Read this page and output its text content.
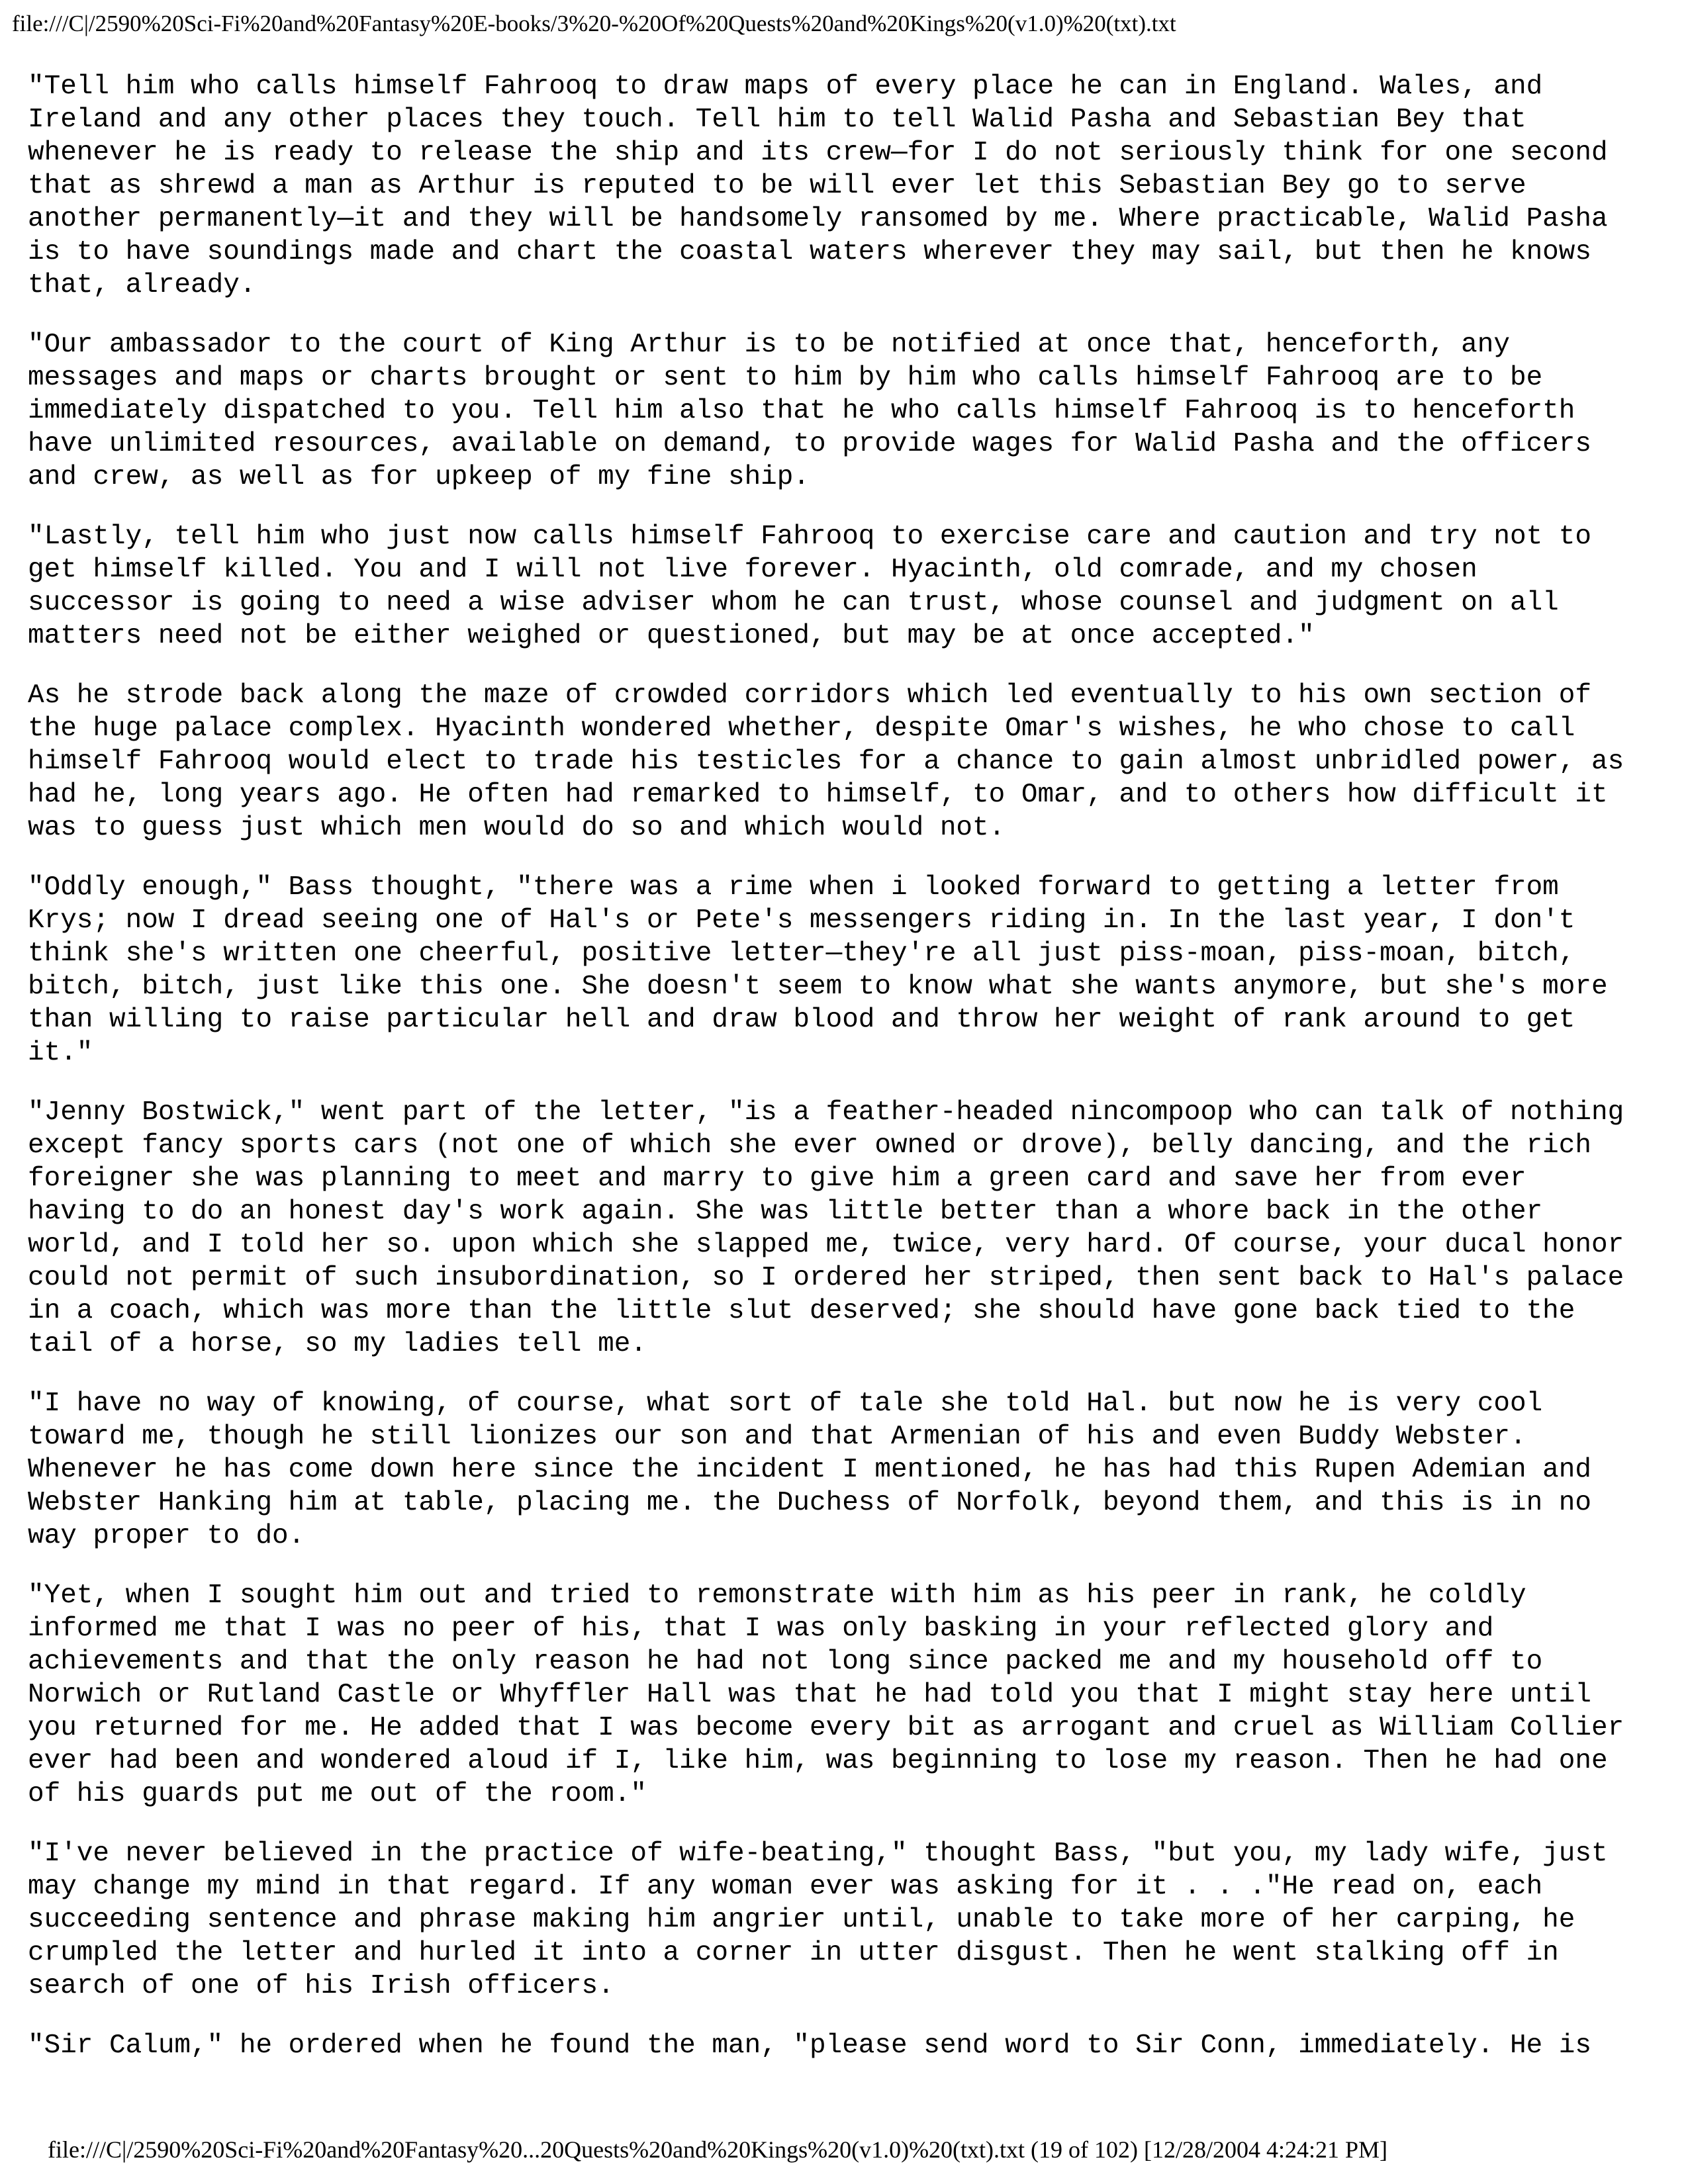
file:///C|/2590%20Sci-Fi%20and%20Fantasy%20E-books/3%20-%20Of%20Quests%20and%20Kings%20(v1.0)%20(txt).txt

"Tell him who calls himself Fahrooq to draw maps of every place he can in England. Wales, and
Ireland and any other places they touch. Tell him to tell Walid Pasha and Sebastian Bey that
whenever he is ready to release the ship and its crew—for I do not seriously think for one second
that as shrewd a man as Arthur is reputed to be will ever let this Sebastian Bey go to serve
another permanently—it and they will be handsomely ransomed by me. Where practicable, Walid Pasha
is to have soundings made and chart the coastal waters wherever they may sail, but then he knows
that, already.

"Our ambassador to the court of King Arthur is to be notified at once that, henceforth, any
messages and maps or charts brought or sent to him by him who calls himself Fahrooq are to be
immediately dispatched to you. Tell him also that he who calls himself Fahrooq is to henceforth
have unlimited resources, available on demand, to provide wages for Walid Pasha and the officers
and crew, as well as for upkeep of my fine ship.

"Lastly, tell him who just now calls himself Fahrooq to exercise care and caution and try not to
get himself killed. You and I will not live forever. Hyacinth, old comrade, and my chosen
successor is going to need a wise adviser whom he can trust, whose counsel and judgment on all
matters need not be either weighed or questioned, but may be at once accepted."

As he strode back along the maze of crowded corridors which led eventually to his own section of
the huge palace complex. Hyacinth wondered whether, despite Omar's wishes, he who chose to call
himself Fahrooq would elect to trade his testicles for a chance to gain almost unbridled power, as
had he, long years ago. He often had remarked to himself, to Omar, and to others how difficult it
was to guess just which men would do so and which would not.

"Oddly enough," Bass thought, "there was a rime when i looked forward to getting a letter from
Krys; now I dread seeing one of Hal's or Pete's messengers riding in. In the last year, I don't
think she's written one cheerful, positive letter—they're all just piss-moan, piss-moan, bitch,
bitch, bitch, just like this one. She doesn't seem to know what she wants anymore, but she's more
than willing to raise particular hell and draw blood and throw her weight of rank around to get
it."

"Jenny Bostwick," went part of the letter, "is a feather-headed nincompoop who can talk of nothing
except fancy sports cars (not one of which she ever owned or drove), belly dancing, and the rich
foreigner she was planning to meet and marry to give him a green card and save her from ever
having to do an honest day's work again. She was little better than a whore back in the other
world, and I told her so. upon which she slapped me, twice, very hard. Of course, your ducal honor
could not permit of such insubordination, so I ordered her striped, then sent back to Hal's palace
in a coach, which was more than the little slut deserved; she should have gone back tied to the
tail of a horse, so my ladies tell me.

"I have no way of knowing, of course, what sort of tale she told Hal. but now he is very cool
toward me, though he still lionizes our son and that Armenian of his and even Buddy Webster.
Whenever he has come down here since the incident I mentioned, he has had this Rupen Ademian and
Webster Hanking him at table, placing me. the Duchess of Norfolk, beyond them, and this is in no
way proper to do.

"Yet, when I sought him out and tried to remonstrate with him as his peer in rank, he coldly
informed me that I was no peer of his, that I was only basking in your reflected glory and
achievements and that the only reason he had not long since packed me and my household off to
Norwich or Rutland Castle or Whyffler Hall was that he had told you that I might stay here until
you returned for me. He added that I was become every bit as arrogant and cruel as William Collier
ever had been and wondered aloud if I, like him, was beginning to lose my reason. Then he had one
of his guards put me out of the room."

"I've never believed in the practice of wife-beating," thought Bass, "but you, my lady wife, just
may change my mind in that regard. If any woman ever was asking for it . . ."He read on, each
succeeding sentence and phrase making him angrier until, unable to take more of her carping, he
crumpled the letter and hurled it into a corner in utter disgust. Then he went stalking off in
search of one of his Irish officers.

"Sir Calum," he ordered when he found the man, "please send word to Sir Conn, immediately. He is

file:///C|/2590%20Sci-Fi%20and%20Fantasy%20...20Quests%20and%20Kings%20(v1.0)%20(txt).txt (19 of 102) [12/28/2004 4:24:21 PM]
